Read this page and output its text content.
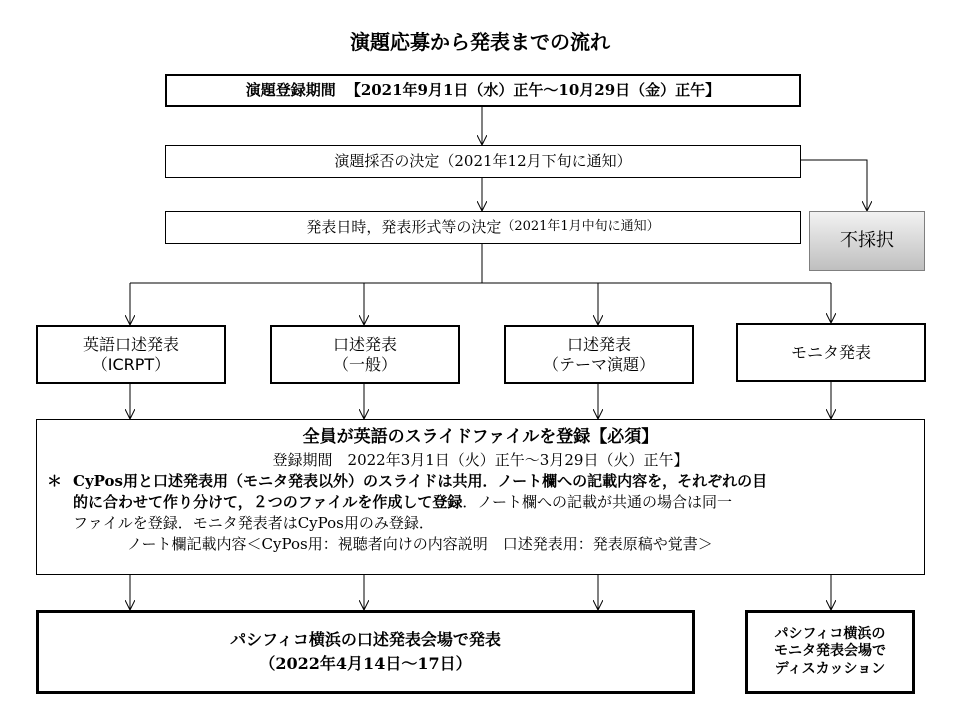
演題応募から発表までの流れ
演題登録期間 【2021年9月1日（水）正午～10月29日（金）正午】
演題採否の決定（2021年12月下旬に通知）
不採択
発表日時，発表形式等の決定 （2021年1月中旬に通知）
英語口述発表
（ICRPT）
口述発表
（一般）
口述発表
（テーマ演題）
モニタ発表
全員が英語のスライドファイルを登録【必須】
登録期間　2022年3月1日（火）正午～3月29日（火）正午】
＊ CyPos用と口述発表用（モニタ発表以外）のスライドは共用．ノート欄への記載内容を，それぞれの目
的に合わせて作り分けて，２つのファイルを作成して登録．ノート欄への記載が共通の場合は同一
ファイルを登録．モニタ発表者はCyPos用のみ登録．
ノート欄記載内容＜CyPos用：視聴者向けの内容説明　口述発表用：発表原稿や覚書＞
パシフィコ横浜の口述発表会場で発表
（2022年4月14日～17日）
パシフィコ横浜の
モニタ発表会場で
ディスカッション
